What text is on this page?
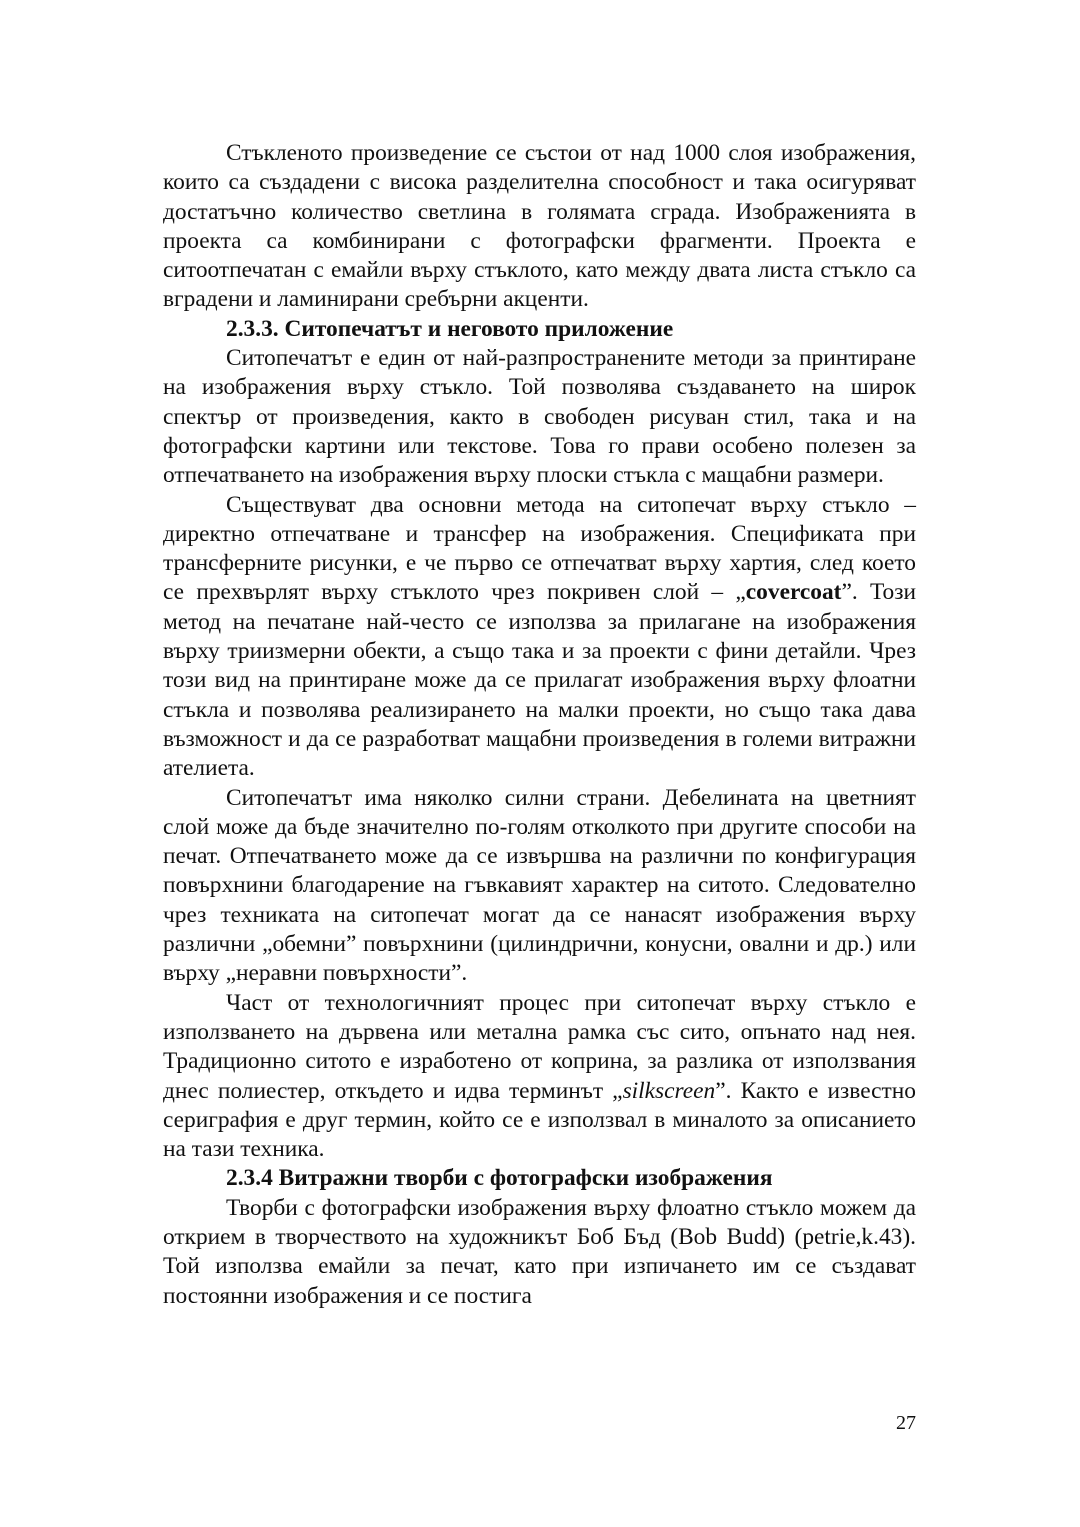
Стъкленото произведение се състои от над 1000 слоя изображения, които са създадени с висока разделителна способност и така осигуряват достатъчно количество светлина в голямата сграда. Изображенията в проекта са комбинирани с фотографски фрагменти. Проекта е ситоотпечатан с емайли върху стъклото, като между двата листа стъкло са вградени и ламинирани сребърни акценти.

2.3.3. Ситопечатът и неговото приложение

Ситопечатът е един от най-разпространените методи за принтиране на изображения върху стъкло. Той позволява създаването на широк спектър от произведения, както в свободен рисуван стил, така и на фотографски картини или текстове. Това го прави особено полезен за отпечатването на изображения върху плоски стъкла с мащабни размери.

Съществуват два основни метода на ситопечат върху стъкло – директно отпечатване и трансфер на изображения. Спецификата при трансферните рисунки, е че първо се отпечатват върху хартия, след което се прехвърлят върху стъклото чрез покривен слой – „covercoat”. Този метод на печатане най-често се използва за прилагане на изображения върху триизмерни обекти, а също така и за проекти с фини детайли. Чрез този вид на принтиране може да се прилагат изображения върху флоатни стъкла и позволява реализирането на малки проекти, но също така дава възможност и да се разработват мащабни произведения в големи витражни ателиета.

Ситопечатът има няколко силни страни. Дебелината на цветният слой може да бъде значително по-голям отколкото при другите способи на печат. Отпечатването може да се извършва на различни по конфигурация повърхнини благодарение на гъвкавият характер на ситото. Следователно чрез техниката на ситопечат могат да се нанасят изображения върху различни „обемни” повърхнини (цилиндрични, конусни, овални и др.) или върху „неравни повърхности”.

Част от технологичният процес при ситопечат върху стъкло е използването на дървена или метална рамка със сито, опънато над нея. Традиционно ситото е изработено от коприна, за разлика от използвания днес полиестер, откъдето и идва терминът „silkscreen”. Както е известно сериграфия е друг термин, който се е използвал в миналото за описанието на тази техника.

2.3.4 Витражни творби с фотографски изображения

Творби с фотографски изображения върху флоатно стъкло можем да открием в творчеството на художникът Боб Бъд (Bob Budd) (petrie,k.43). Той използва емайли за печат, като при изпичането им се създават постоянни изображения и се постига

27
